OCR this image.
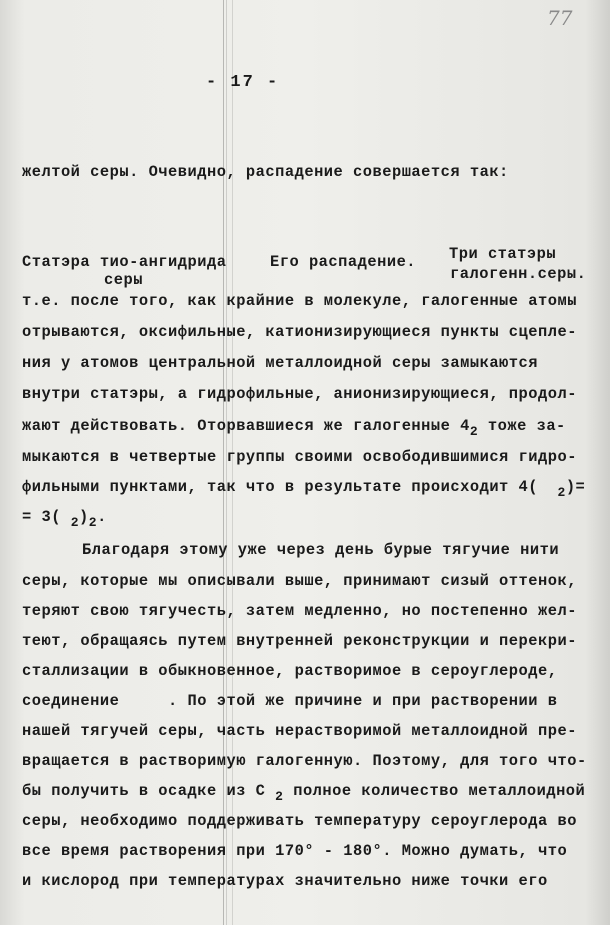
77
- 17 -
желтой серы. Очевидно, распадение совершается так:
Статэра тио-ангидрида
серы
Его распадение. Три статэры
галогенн.серы.
т.е. после того, как крайние в молекуле, галогенные атомы
отрываются, оксифильные, катионизирующиеся пункты сцепле-
ния у атомов центральной металлоидной серы замыкаются
внутри статэры, а гидрофильные, анионизирующиеся, продол-
жают действовать. Оторвавшиеся же галогенные $4_2$ тоже за-
мыкаются в четвертые группы своими освободившимися гидро-
фильными пунктами, так что в результате происходит 4( $_2$)=
= 3( $_2)_2$.
Благодаря этому уже через день бурые тягучие нити
серы, которые мы описывали выше, принимают сизый оттенок,
теряют свою тягучесть, затем медленно, но постепенно жел-
теют, обращаясь путем внутренней реконструкции и перекри-
сталлизации в обыкновенное, растворимое в сероуглероде,
соединение     . По этой же причине и при растворении в
нашей тягучей серы, часть нерастворимой металлоидной пре-
вращается в растворимую галогенную. Поэтому, для того что-
бы получить в осадке из С $_2$ полное количество металлоидной
серы, необходимо поддерживать температуру сероуглерода во
все время растворения при 170° - 180°. Можно думать, что
и кислород при температурах значительно ниже точки его
